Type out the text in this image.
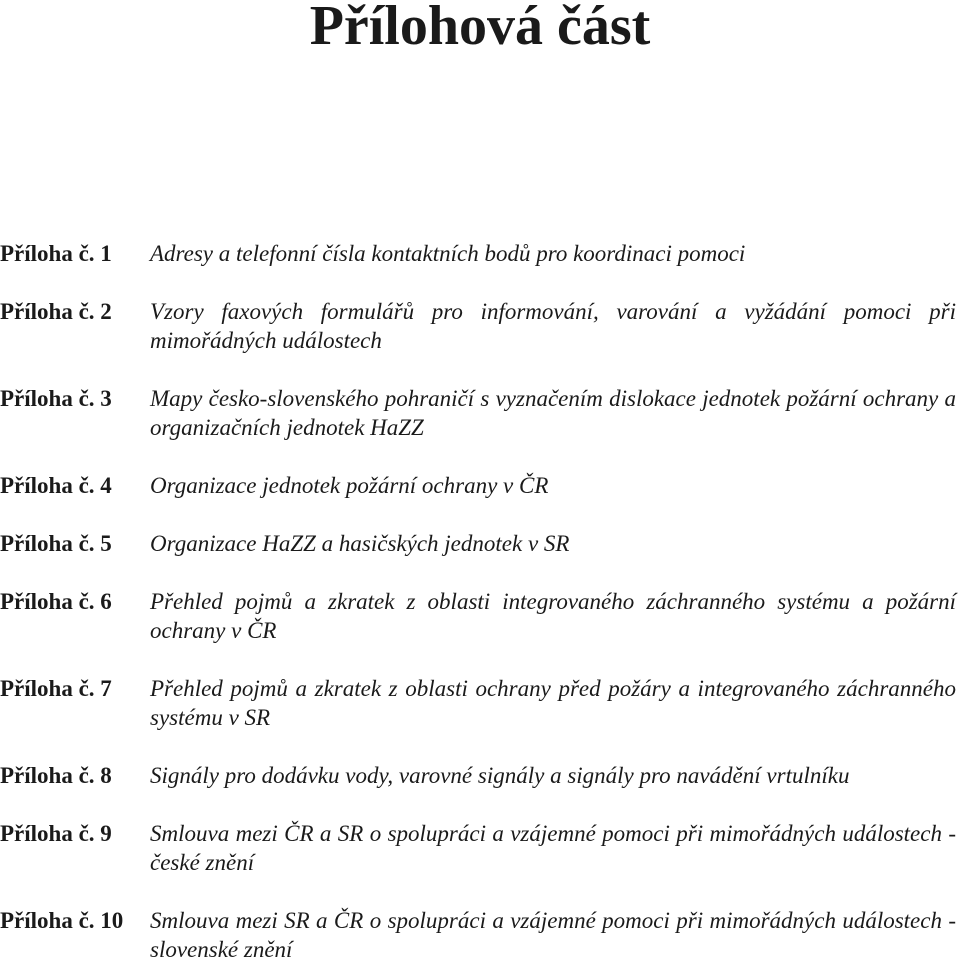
Přílohová část
Příloha č. 1 Adresy a telefonní čísla kontaktních bodů pro koordinaci pomoci
Příloha č. 2 Vzory faxových formulářů pro informování, varování a vyžádání pomoci při mimořádných událostech
Příloha č. 3 Mapy česko-slovenského pohraničí s vyznačením dislokace jednotek požární ochrany a organizačních jednotek HaZZ
Příloha č. 4 Organizace jednotek požární ochrany v ČR
Příloha č. 5 Organizace HaZZ a hasičských jednotek v SR
Příloha č. 6 Přehled pojmů a zkratek z oblasti integrovaného záchranného systému a požární ochrany v ČR
Příloha č. 7 Přehled pojmů a zkratek z oblasti ochrany před požáry a integrovaného záchranného systému v SR
Příloha č. 8 Signály pro dodávku vody, varovné signály a signály pro navádění vrtulníku
Příloha č. 9 Smlouva mezi ČR a SR o spolupráci a vzájemné pomoci při mimořádných událostech - české znění
Příloha č. 10 Smlouva mezi SR a ČR o spolupráci a vzájemné pomoci při mimořádných událostech - slovenské znění
